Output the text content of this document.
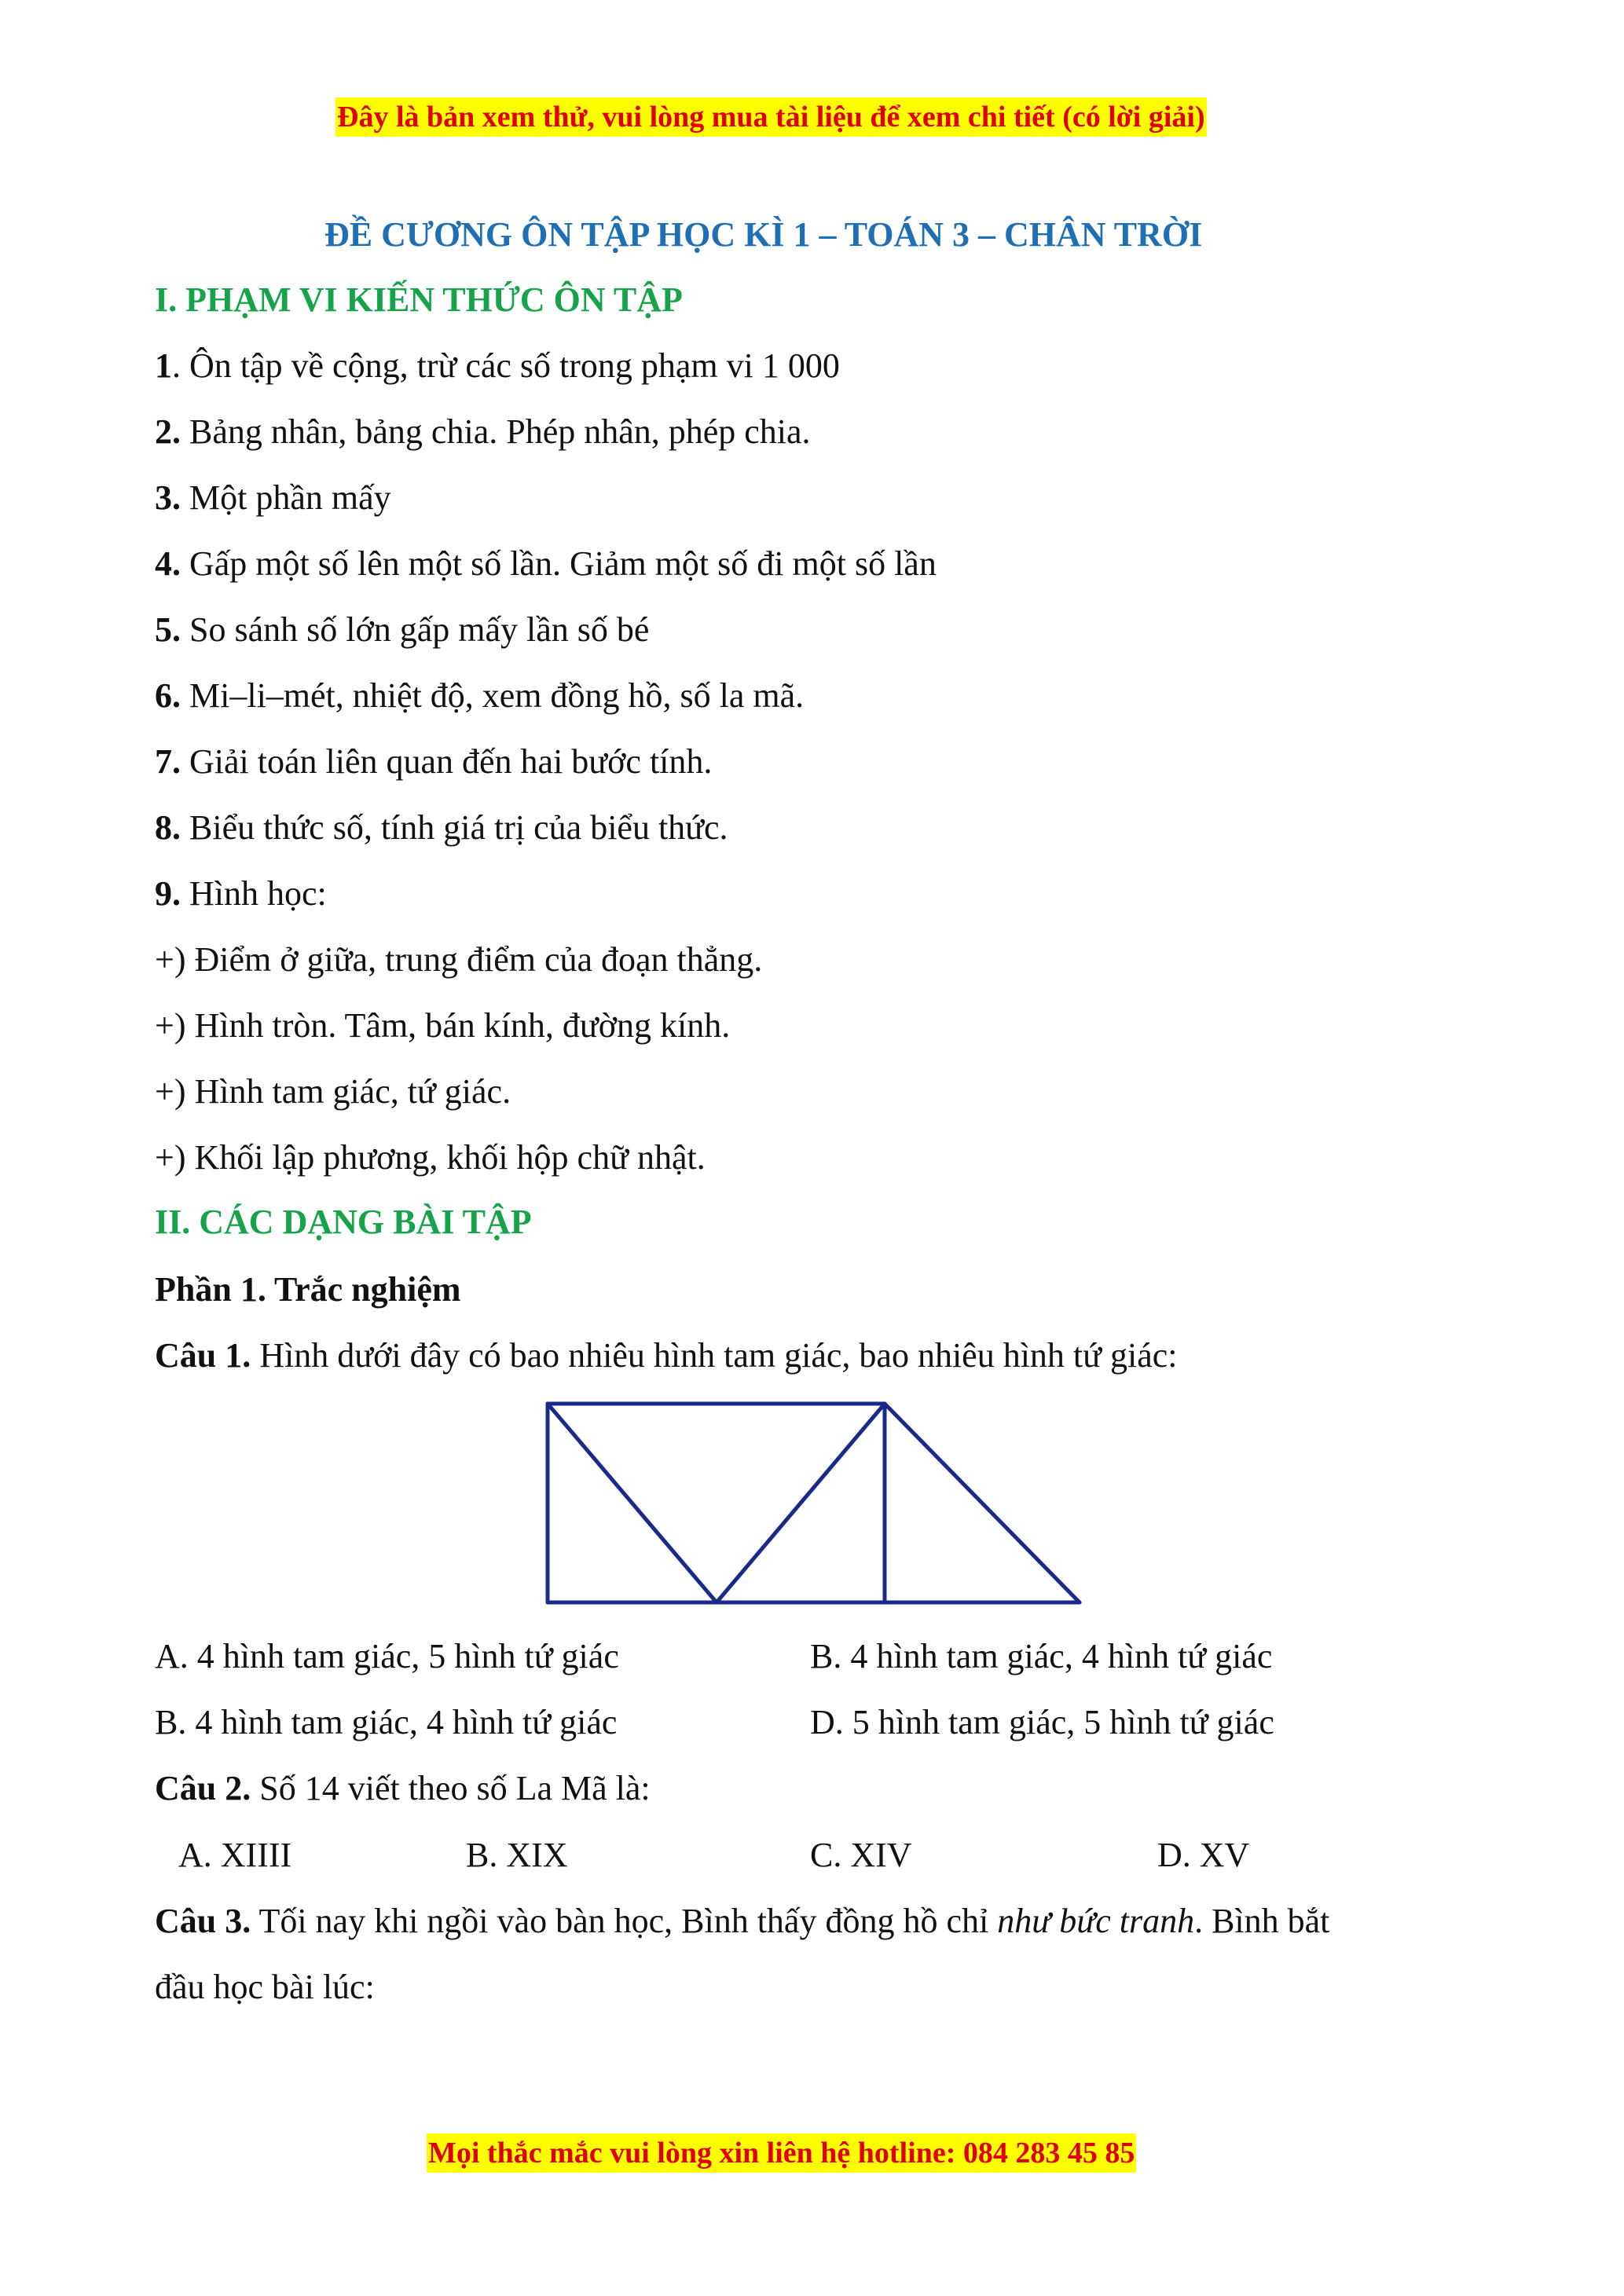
Đây là bản xem thử, vui lòng mua tài liệu để xem chi tiết (có lời giải)
ĐỀ CƯƠNG ÔN TẬP HỌC KÌ 1 – TOÁN 3 – CHÂN TRỜI
I. PHẠM VI KIẾN THỨC ÔN TẬP
1. Ôn tập về cộng, trừ các số trong phạm vi 1 000
2. Bảng nhân, bảng chia. Phép nhân, phép chia.
3. Một phần mấy
4. Gấp một số lên một số lần. Giảm một số đi một số lần
5. So sánh số lớn gấp mấy lần số bé
6. Mi–li–mét, nhiệt độ, xem đồng hồ, số la mã.
7. Giải toán liên quan đến hai bước tính.
8. Biểu thức số, tính giá trị của biểu thức.
9. Hình học:
+) Điểm ở giữa, trung điểm của đoạn thẳng.
+) Hình tròn. Tâm, bán kính, đường kính.
+) Hình tam giác, tứ giác.
+) Khối lập phương, khối hộp chữ nhật.
II. CÁC DẠNG BÀI TẬP
Phần 1. Trắc nghiệm
Câu 1. Hình dưới đây có bao nhiêu hình tam giác, bao nhiêu hình tứ giác:
A. 4 hình tam giác, 5 hình tứ giác	B. 4 hình tam giác, 4 hình tứ giác
B. 4 hình tam giác, 4 hình tứ giác	D. 5 hình tam giác, 5 hình tứ giác
Câu 2. Số 14 viết theo số La Mã là:
A. XIIII	B. XIX	C. XIV	D. XV
Câu 3. Tối nay khi ngồi vào bàn học, Bình thấy đồng hồ chỉ như bức tranh. Bình bắt
đầu học bài lúc:
Mọi thắc mắc vui lòng xin liên hệ hotline: 084 283 45 85
